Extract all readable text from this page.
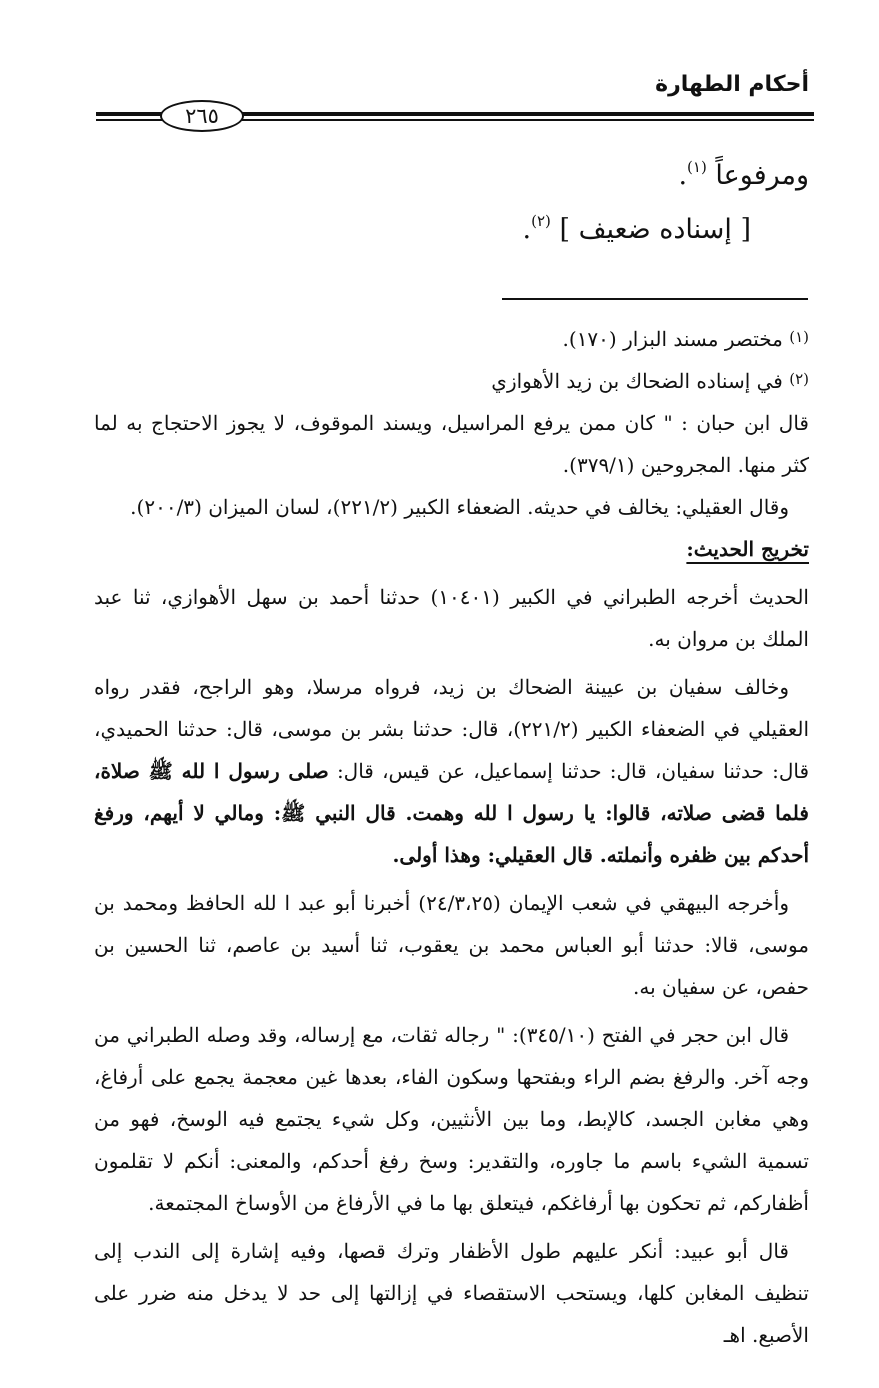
أحكام الطهارة
٢٦٥
ومرفوعاً $^{(١)}$.
[ إسناده ضعيف ] $^{(٢)}$.

$^{(١)}$ مختصر مسند البزار (١٧٠).

$^{(٢)}$ في إسناده الضحاك بن زيد الأهوازي

قال ابن حبان : " كان ممن يرفع المراسيل، ويسند الموقوف، لا يجوز الاحتجاج به لما كثر منها. المجروحين (٣٧٩/١).

وقال العقيلي: يخالف في حديثه. الضعفاء الكبير (٢٢١/٢)، لسان الميزان (٢٠٠/٣).

تخريج الحديث:

الحديث أخرجه الطبراني في الكبير (١٠٤٠١) حدثنا أحمد بن سهل الأهوازي، ثنا عبد الملك بن مروان به.

وخالف سفيان بن عيينة الضحاك بن زيد، فرواه مرسلا، وهو الراجح، فقدر رواه العقيلي في الضعفاء الكبير (٢٢١/٢)، قال: حدثنا بشر بن موسى، قال: حدثنا الحميدي، قال: حدثنا سفيان، قال: حدثنا إسماعيل، عن قيس، قال: صلى رسول ا لله ﷺ صلاة، فلما قضى صلاته، قالوا: يا رسول ا لله وهمت. قال النبي ﷺ: ومالي لا أيهم، ورفغ أحدكم بين ظفره وأنملته. قال العقيلي: وهذا أولى.

وأخرجه البيهقي في شعب الإيمان (٢٤/٣،٢٥) أخبرنا أبو عبد ا لله الحافظ ومحمد بن موسى، قالا: حدثنا أبو العباس محمد بن يعقوب، ثنا أسيد بن عاصم، ثنا الحسين بن حفص، عن سفيان به.

قال ابن حجر في الفتح (٣٤٥/١٠): " رجاله ثقات، مع إرساله، وقد وصله الطبراني من وجه آخر. والرفغ بضم الراء وبفتحها وسكون الفاء، بعدها غين معجمة يجمع على أرفاغ، وهي مغابن الجسد، كالإبط، وما بين الأنثيين، وكل شيء يجتمع فيه الوسخ، فهو من تسمية الشيء باسم ما جاوره، والتقدير: وسخ رفغ أحدكم، والمعنى: أنكم لا تقلمون أظفاركم، ثم تحكون بها أرفاغكم، فيتعلق بها ما في الأرفاغ من الأوساخ المجتمعة.

قال أبو عبيد: أنكر عليهم طول الأظفار وترك قصها، وفيه إشارة إلى الندب إلى تنظيف المغابن كلها، ويستحب الاستقصاء في إزالتها إلى حد لا يدخل منه ضرر على الأصبع. اهـ
